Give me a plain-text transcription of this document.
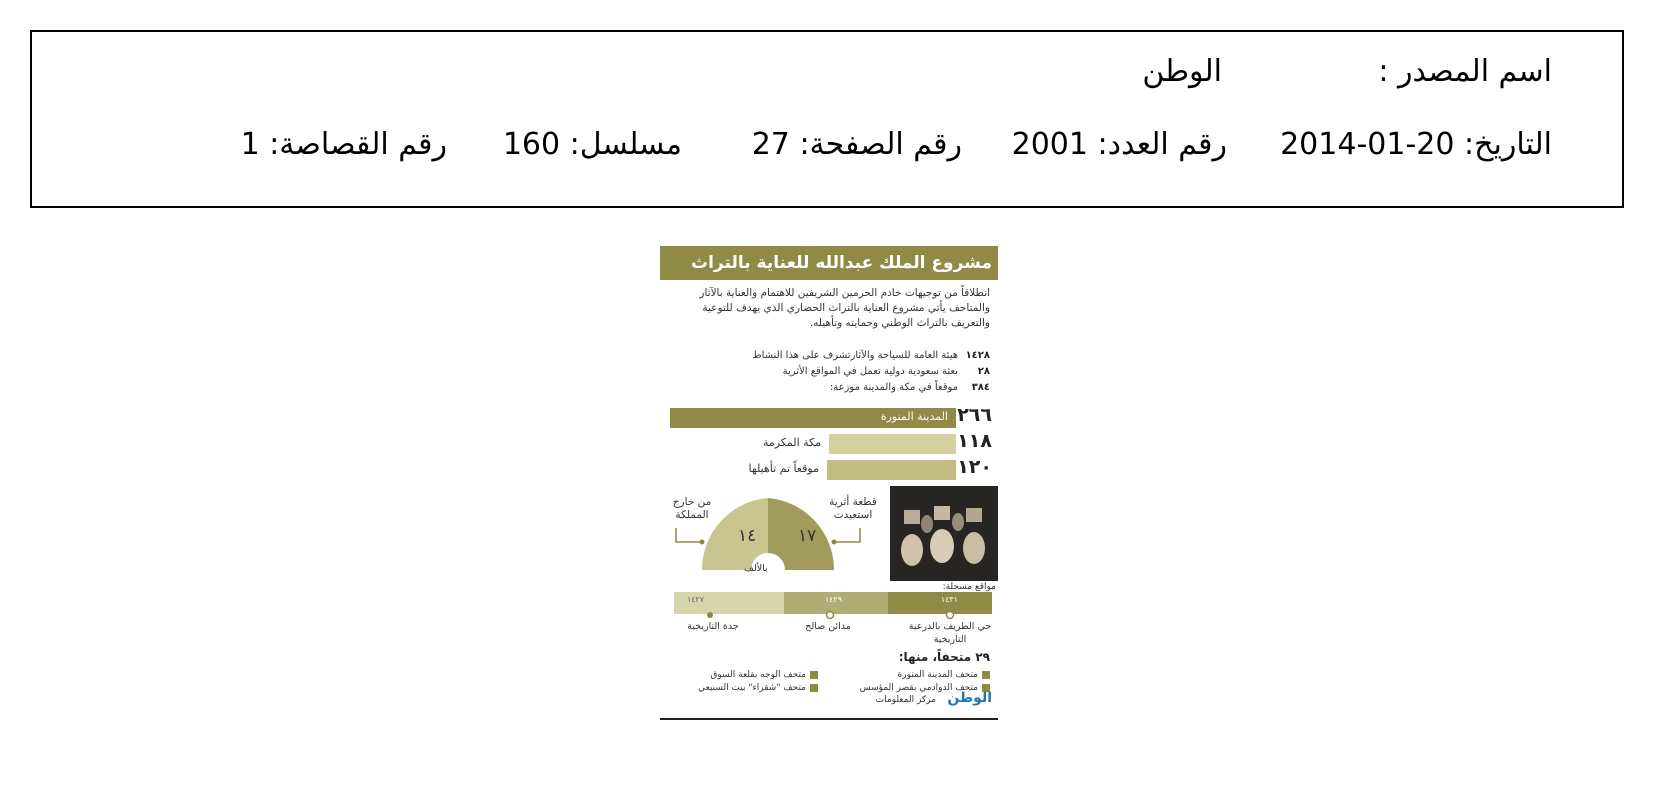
اسم المصدر :
الوطن
التاريخ: 20-01-2014
رقم العدد: 2001
رقم الصفحة: 27
مسلسل: 160
رقم القصاصة: 1
مشروع الملك عبدالله للعناية بالتراث
انطلاقاً من توجيهات خادم الحرمين الشريفين للاهتمام والعناية بالآثار والمتاحف يأتي مشروع العناية بالتراث الحضاري الذي يهدف للتوعية والتعريف بالتراث الوطني وحمايته وتأهيله.
١٤٢٨هيئة العامة للسياحة والآثارتشرف على هذا النشاط
٢٨بعثة سعودية دولية تعمل في المواقع الأثرية
٣٨٤موقعاً في مكة والمدينة موزعة:
٢٦٦
المدينة المنورة
١١٨
مكة المكرمة
١٢٠
موقعاً تم تأهيلها
مواقع مسجلة:
١٤ ١٧
بالألف
من خارج المملكة
قطعة أثرية استعيدت
١٤٣١
١٤٢٩
١٤٢٧
حي الطريف بالدرعية التاريخية
مدائن صالح
جدة التاريخية
٢٩ متحفاً، منها:
متحف المدينة المنورة
متحف الوجه بقلعة السوق
متحف الدوادمي بقصر المؤسس
متحف "شقراء" بيت السبيعي
الوطن
مركز المعلومات
